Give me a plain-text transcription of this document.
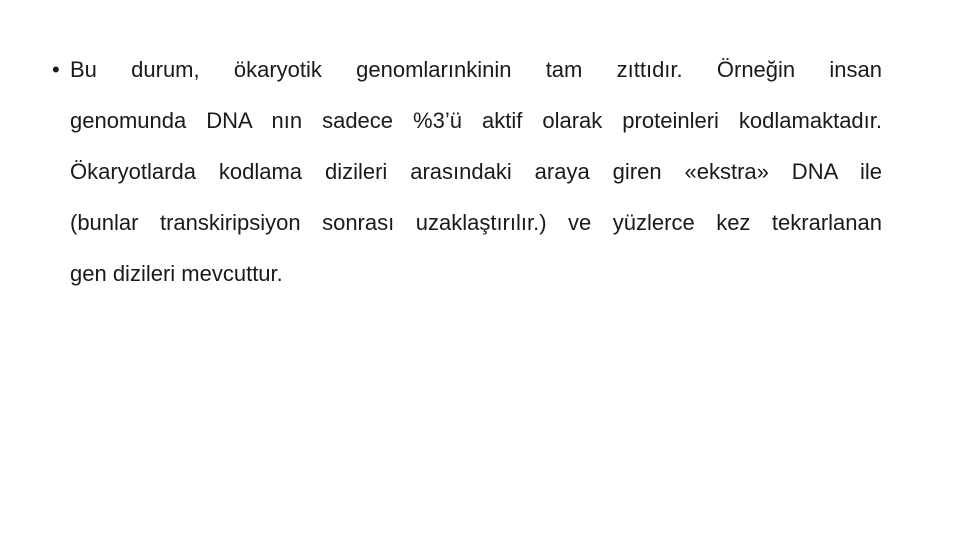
• Bu durum, ökaryotik genomlarınkinin tam zıttıdır. Örneğin insan
genomunda DNA nın sadece %3’ü aktif olarak proteinleri kodlamaktadır.
Ökaryotlarda kodlama dizileri arasındaki araya giren «ekstra» DNA ile
(bunlar transkiripsiyon sonrası uzaklaştırılır.) ve yüzlerce kez tekrarlanan
gen dizileri mevcuttur.
